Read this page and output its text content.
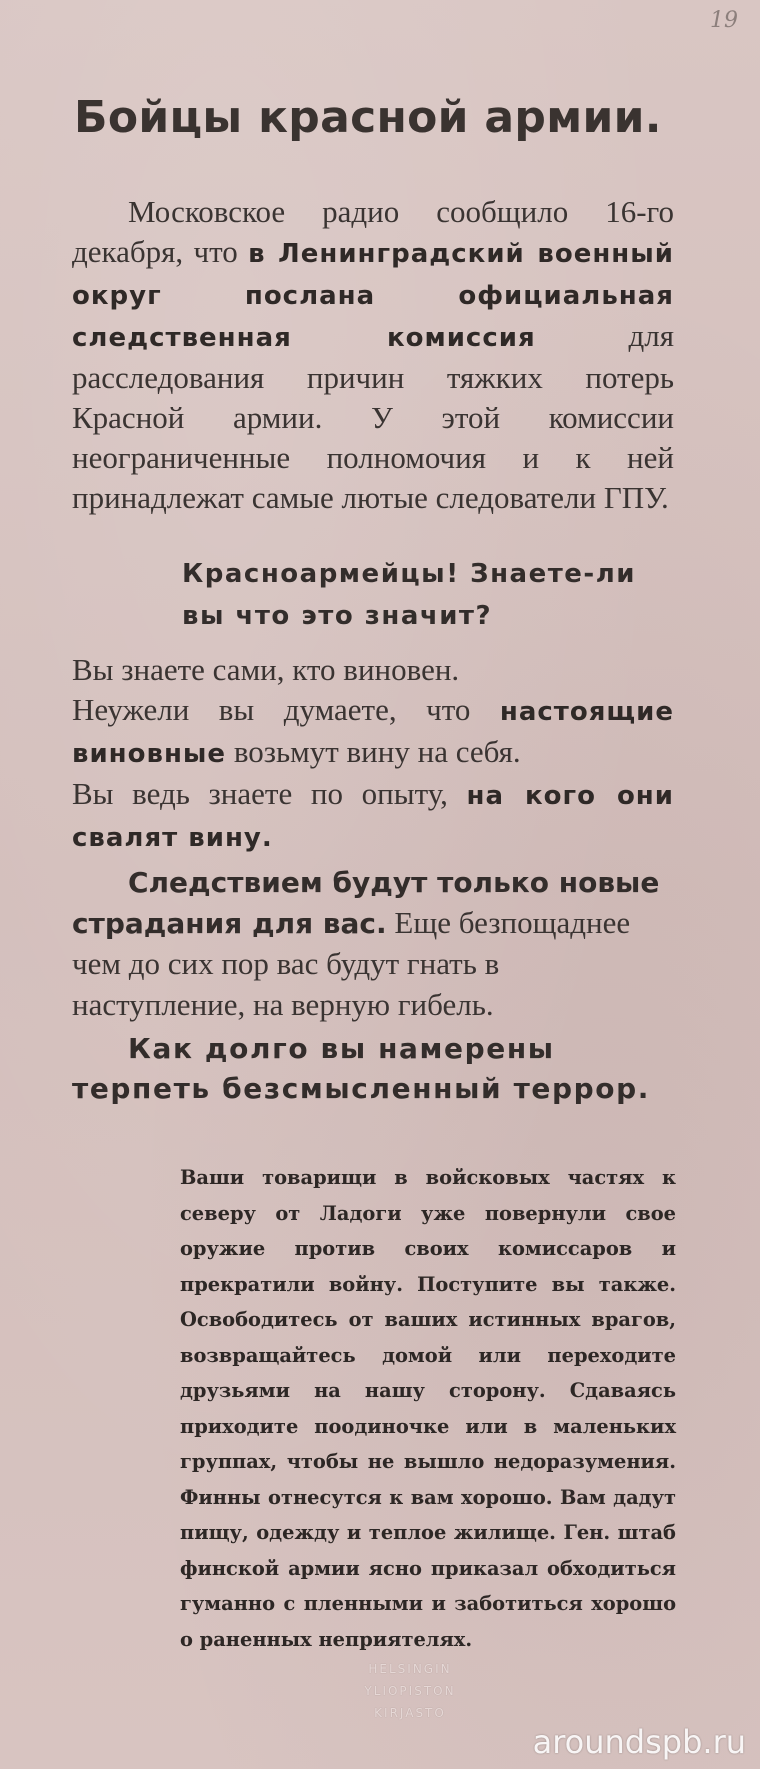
19
Бойцы красной армии.

Московское радио сообщило 16-го декабря, что в Ленинградский военный округ послана официальная следственная комиссия для расследования причин тяжких потерь Красной армии. У этой комиссии неограниченные полномочия и к ней принадлежат самые лютые следователи ГПУ.

Красноармейцы! Знаете-ли вы что это значит?

Вы знаете сами, кто виновен.
Неужели вы думаете, что настоящие виновные возьмут вину на себя.
Вы ведь знаете по опыту, на кого они свалят вину.

Следствием будут только новые страдания для вас. Еще безпощаднее чем до сих пор вас будут гнать в наступление, на верную гибель.

Как долго вы намерены терпеть безсмысленный террор.

Ваши товарищи в войсковых частях к северу от Ладоги уже повернули свое оружие против своих комиссаров и прекратили войну. Поступите вы также. Освободитесь от ваших истинных врагов, возвращайтесь домой или переходите друзьями на нашу сторону. Сдаваясь приходите поодиночке или в маленьких группах, чтобы не вышло недоразумения. Финны отнесутся к вам хорошо. Вам дадут пищу, одежду и теплое жилище. Ген. штаб финской армии ясно приказал обходиться гуманно с пленными и заботиться хорошо о раненных неприятелях.

HELSINGIN
YLIOPISTON
KIRJASTO
aroundspb.ru
